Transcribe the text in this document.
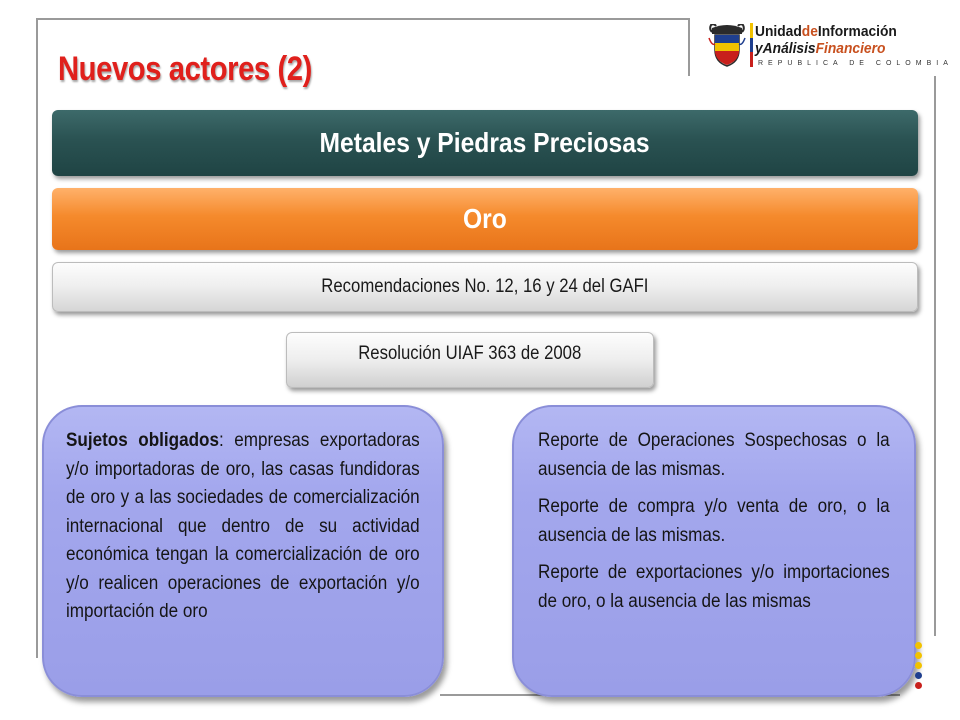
Nuevos actores (2)
UnidaddeInformación
yAnálisisFinanciero
REPUBLICA DE COLOMBIA
Metales y Piedras Preciosas
Oro
Recomendaciones No. 12, 16 y 24 del GAFI
Resolución UIAF 363 de 2008
Sujetos obligados: empresas exportadoras y/o importadoras de oro, las casas fundidoras de oro y a las sociedades de comercialización internacional que dentro de su actividad económica tengan la comercialización de oro y/o realicen operaciones de exportación y/o importación de oro

Reporte de Operaciones Sospechosas o la ausencia de las mismas.

Reporte de compra y/o venta de oro, o la ausencia de las mismas.

Reporte de exportaciones y/o importaciones de oro, o la ausencia de las mismas
